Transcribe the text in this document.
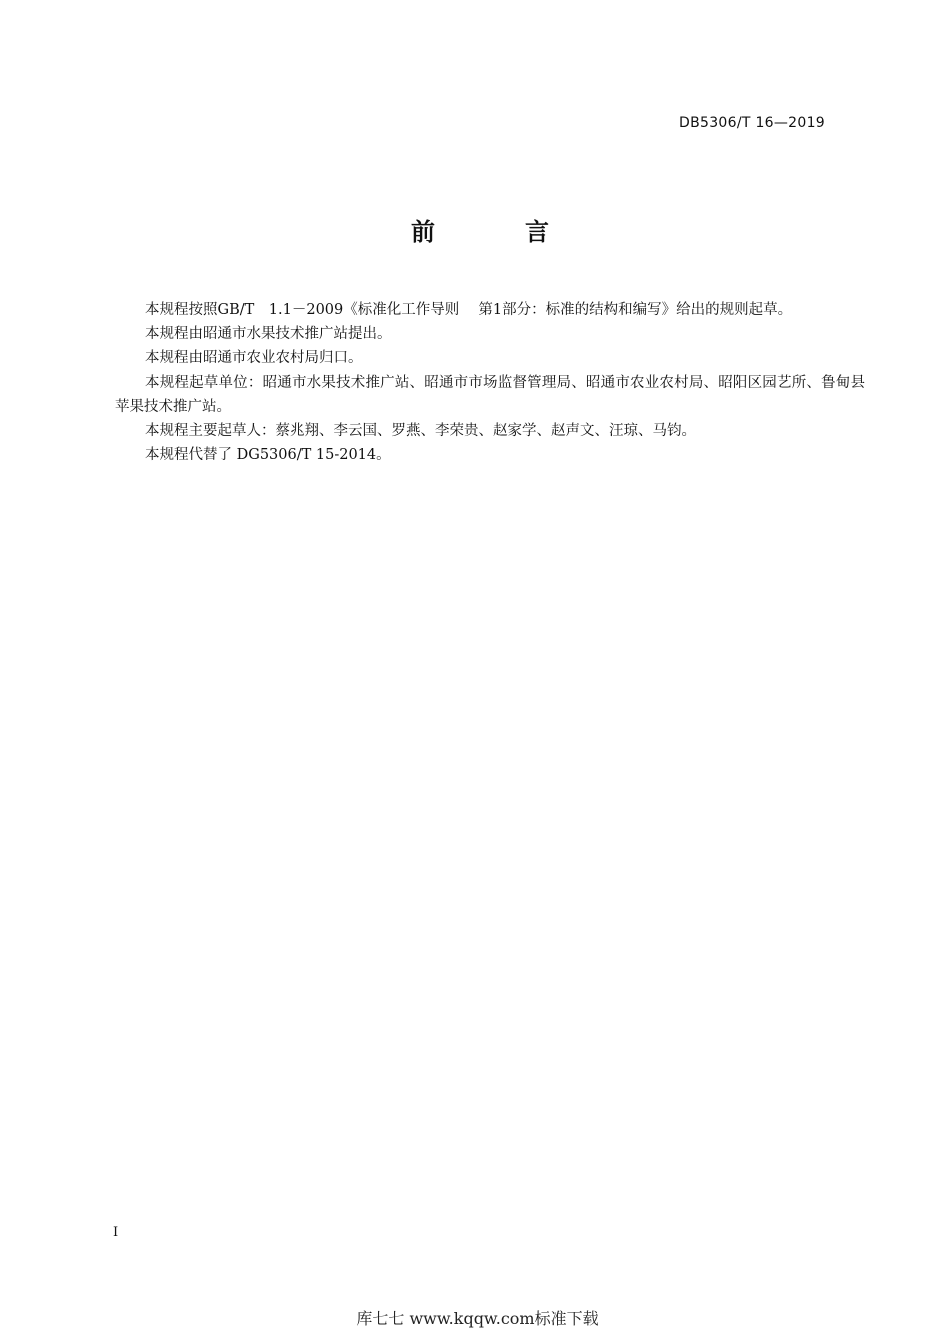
DB5306/T 16—2019
前	言

本规程按照GB/T　1.1－2009《标准化工作导则　 第1部分：标准的结构和编写》给出的规则起草。

本规程由昭通市水果技术推广站提出。

本规程由昭通市农业农村局归口。

本规程起草单位：昭通市水果技术推广站、昭通市市场监督管理局、昭通市农业农村局、昭阳区园艺所、鲁甸县苹果技术推广站。

本规程主要起草人：蔡兆翔、李云国、罗燕、李荣贵、赵家学、赵声文、汪琼、马钧。

本规程代替了 DG5306/T 15-2014。

I
库七七 www.kqqw.com标准下载
